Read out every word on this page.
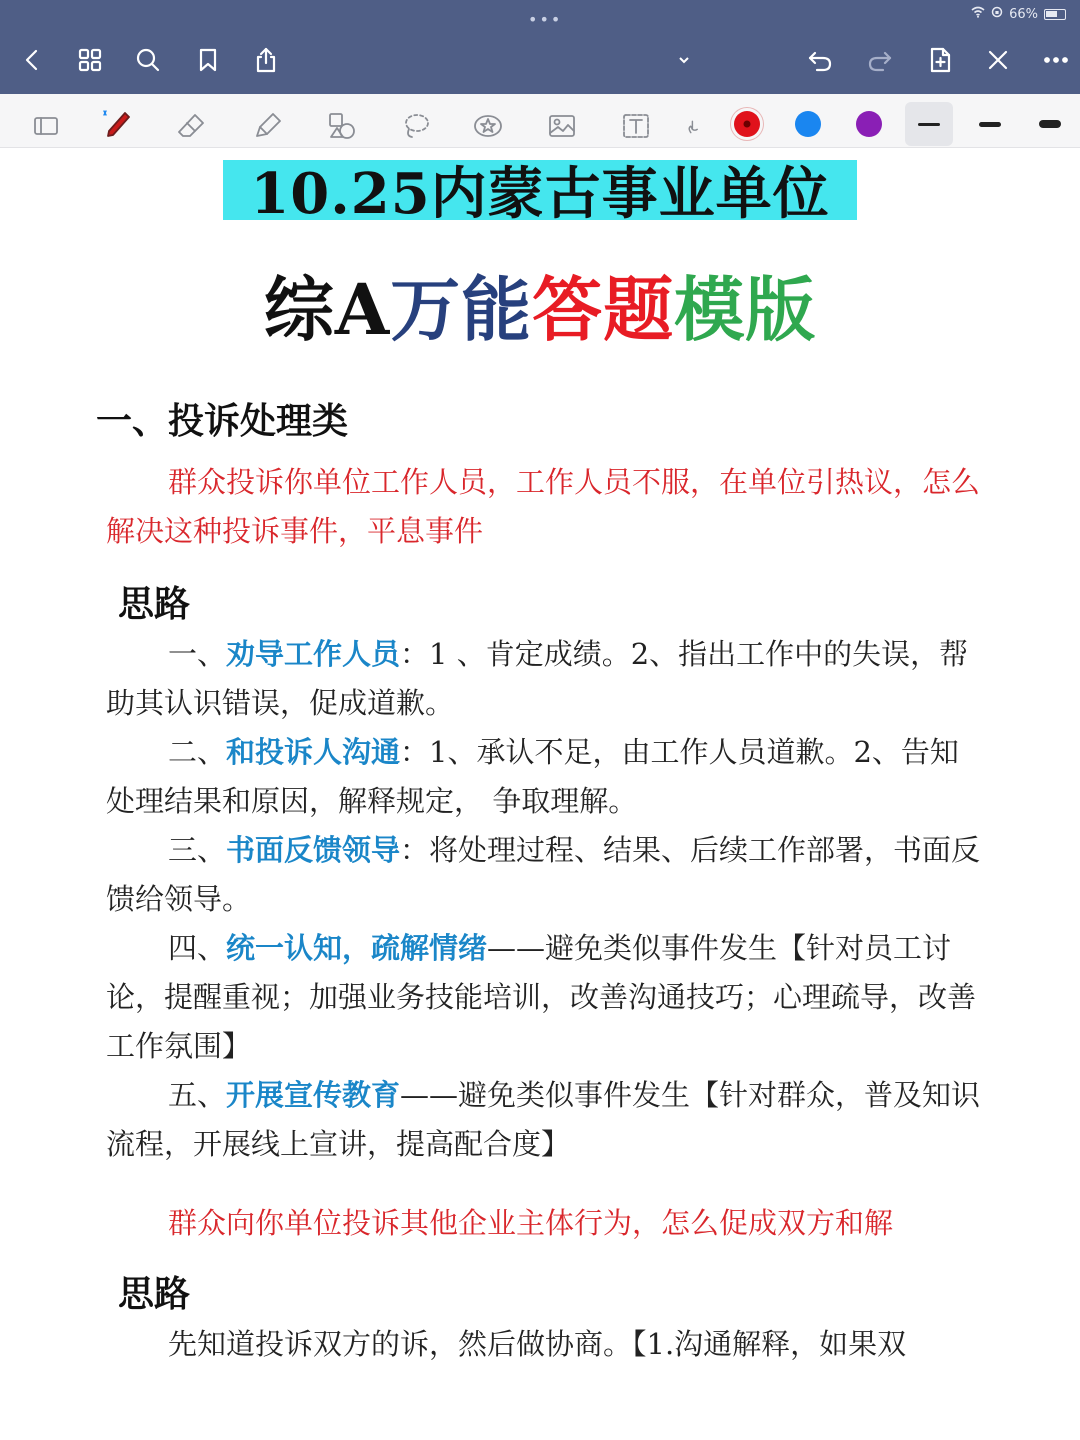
•••	66%
10.25内蒙古事业单位
综A万能答题模版
一、投诉处理类
群众投诉你单位工作人员，工作人员不服，在单位引热议，怎么解决这种投诉事件，平息事件
思路
一、劝导工作人员：1 、肯定成绩。2、指出工作中的失误，帮助其认识错误，促成道歉。
二、和投诉人沟通：1、承认不足，由工作人员道歉。2、告知处理结果和原因，解释规定， 争取理解。
三、书面反馈领导：将处理过程、结果、后续工作部署，书面反馈给领导。
四、统一认知，疏解情绪——避免类似事件发生【针对员工讨论，提醒重视；加强业务技能培训，改善沟通技巧；心理疏导，改善工作氛围】
五、开展宣传教育——避免类似事件发生【针对群众，普及知识流程，开展线上宣讲，提高配合度】
群众向你单位投诉其他企业主体行为，怎么促成双方和解
思路
先知道投诉双方的诉，然后做协商。【1.沟通解释，如果双
